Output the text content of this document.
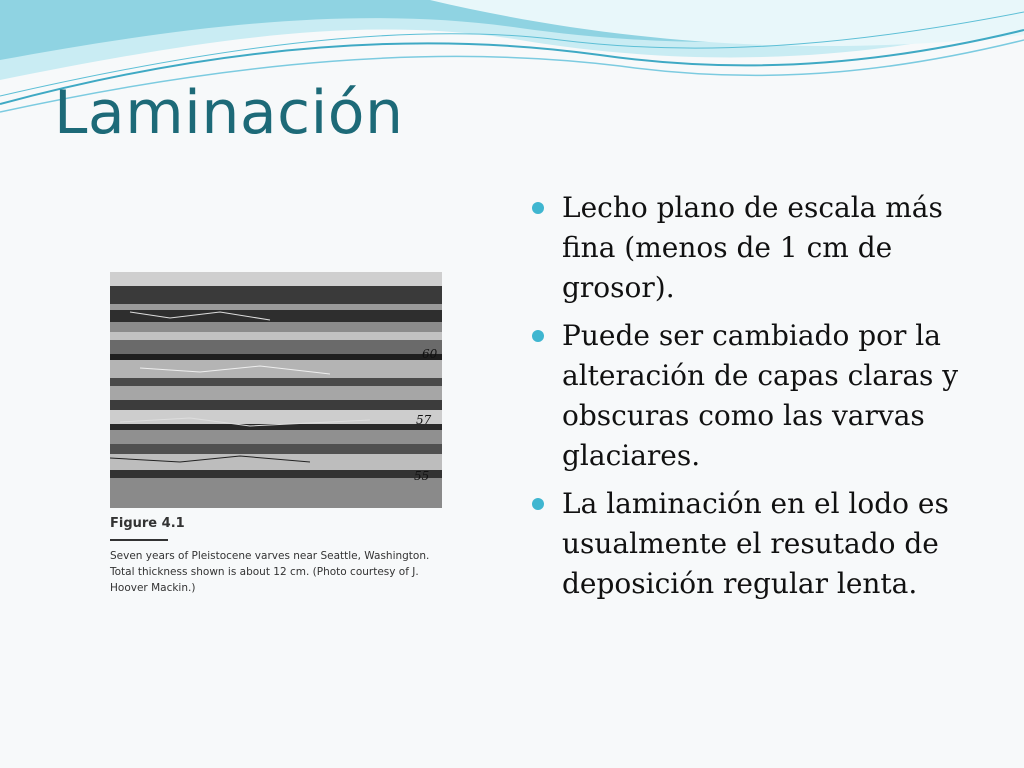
Laminación
60
57
55
Figure 4.1
Seven years of Pleistocene varves near Seattle, Washington. Total thickness shown is about 12 cm. (Photo courtesy of J. Hoover Mackin.)
Lecho plano de escala más fina (menos de 1 cm de grosor).
Puede ser cambiado por la alteración de capas claras y obscuras como las varvas glaciares.
La laminación en el lodo es usualmente el resutado de deposición regular lenta.
